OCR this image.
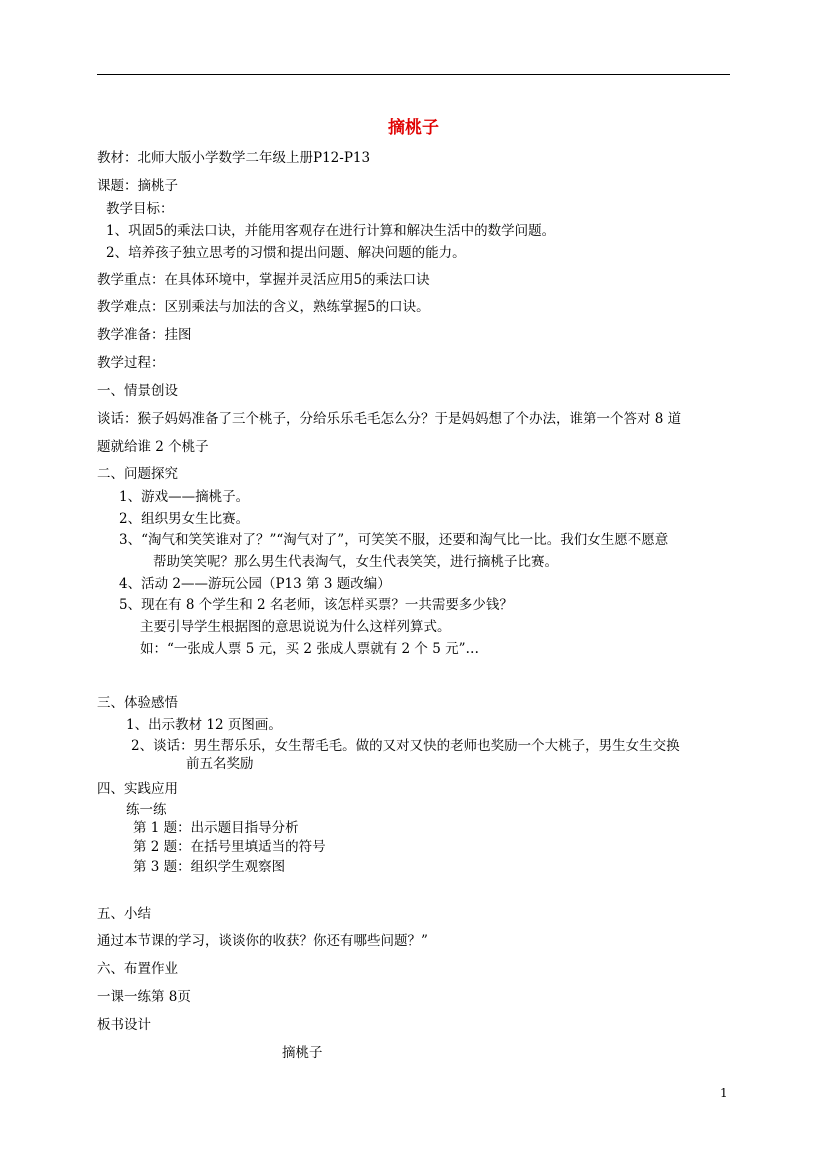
摘桃子
教材：北师大版小学数学二年级上册P12-P13
课题：摘桃子
教学目标：
1、巩固5的乘法口诀，并能用客观存在进行计算和解决生活中的数学问题。
2、培养孩子独立思考的习惯和提出问题、解决问题的能力。
教学重点：在具体环境中，掌握并灵活应用5的乘法口诀
教学难点：区别乘法与加法的含义，熟练掌握5的口诀。
教学准备：挂图
教学过程：
一、情景创设
谈话：猴子妈妈准备了三个桃子，分给乐乐毛毛怎么分？于是妈妈想了个办法，谁第一个答对 8 道
题就给谁 2 个桃子
二、问题探究
1、游戏——摘桃子。
2、组织男女生比赛。
3、“淘气和笑笑谁对了？”“淘气对了”，可笑笑不服，还要和淘气比一比。我们女生愿不愿意
帮助笑笑呢？那么男生代表淘气，女生代表笑笑，进行摘桃子比赛。
4、活动 2——游玩公园（P13 第 3 题改编）
5、现在有 8 个学生和 2 名老师，该怎样买票？一共需要多少钱？
主要引导学生根据图的意思说说为什么这样列算式。
如：“一张成人票 5 元，买 2 张成人票就有 2 个 5 元”…
三、体验感悟
1、出示教材 12 页图画。
2、谈话：男生帮乐乐，女生帮毛毛。做的又对又快的老师也奖励一个大桃子，男生女生交换
前五名奖励
四、实践应用
练一练
第 1 题：出示题目指导分析
第 2 题：在括号里填适当的符号
第 3 题：组织学生观察图
五、小结
通过本节课的学习，谈谈你的收获？你还有哪些问题？”
六、布置作业
一课一练第 8页
板书设计
摘桃子
1
